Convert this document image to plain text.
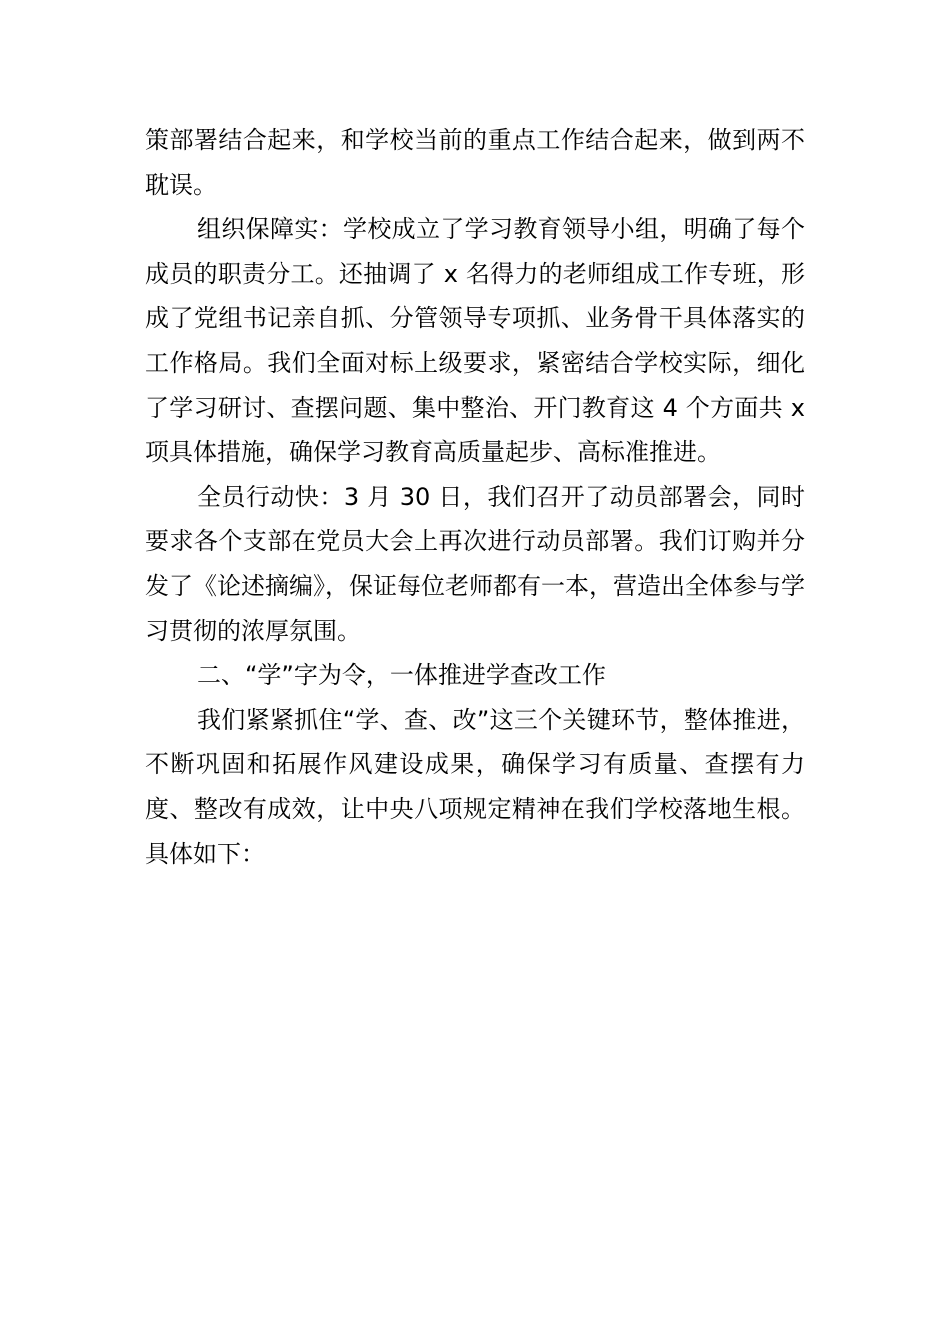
策部署结合起来，和学校当前的重点工作结合起来，做到两不耽误。

组织保障实：学校成立了学习教育领导小组，明确了每个成员的职责分工。还抽调了 x 名得力的老师组成工作专班，形成了党组书记亲自抓、分管领导专项抓、业务骨干具体落实的工作格局。我们全面对标上级要求，紧密结合学校实际，细化了学习研讨、查摆问题、集中整治、开门教育这 4 个方面共 x 项具体措施，确保学习教育高质量起步、高标准推进。

全员行动快：3 月 30 日，我们召开了动员部署会，同时要求各个支部在党员大会上再次进行动员部署。我们订购并分发了《论述摘编》，保证每位老师都有一本，营造出全体参与学习贯彻的浓厚氛围。

二、“学”字为令，一体推进学查改工作

我们紧紧抓住“学、查、改”这三个关键环节，整体推进，不断巩固和拓展作风建设成果，确保学习有质量、查摆有力度、整改有成效，让中央八项规定精神在我们学校落地生根。具体如下：
